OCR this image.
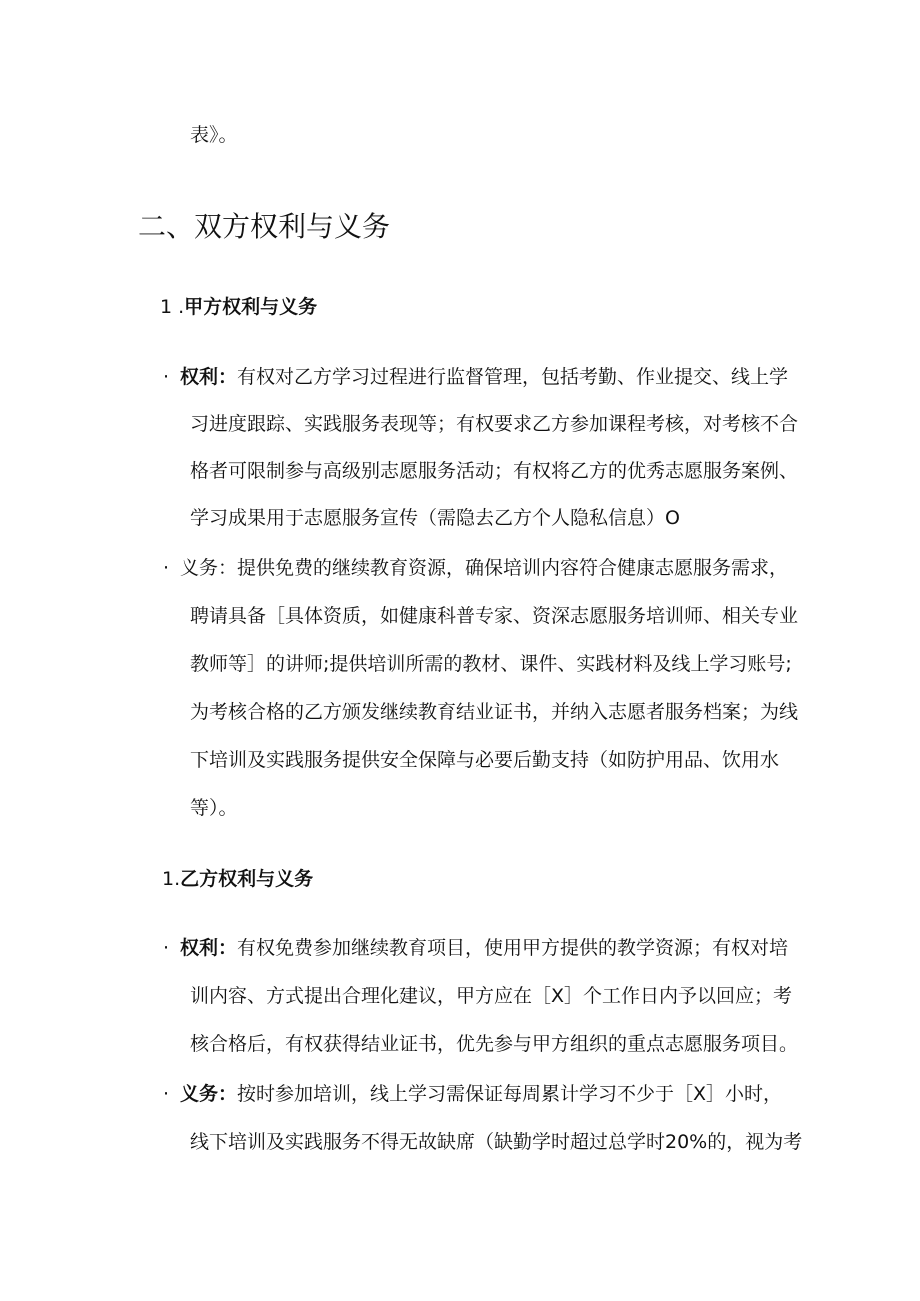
表》。
二、双方权利与义务
1 .甲方权利与义务
· 权利：有权对乙方学习过程进行监督管理，包括考勤、作业提交、线上学
习进度跟踪、实践服务表现等；有权要求乙方参加课程考核，对考核不合
格者可限制参与高级别志愿服务活动；有权将乙方的优秀志愿服务案例、
学习成果用于志愿服务宣传（需隐去乙方个人隐私信息）O
· 义务：提供免费的继续教育资源，确保培训内容符合健康志愿服务需求，
聘请具备［具体资质，如健康科普专家、资深志愿服务培训师、相关专业
教师等］的讲师;提供培训所需的教材、课件、实践材料及线上学习账号;
为考核合格的乙方颁发继续教育结业证书，并纳入志愿者服务档案；为线
下培训及实践服务提供安全保障与必要后勤支持（如防护用品、饮用水
等）。
1.乙方权利与义务
· 权利：有权免费参加继续教育项目，使用甲方提供的教学资源；有权对培
训内容、方式提出合理化建议，甲方应在［X］个工作日内予以回应；考
核合格后，有权获得结业证书，优先参与甲方组织的重点志愿服务项目。
· 义务：按时参加培训，线上学习需保证每周累计学习不少于［X］小时，
线下培训及实践服务不得无故缺席（缺勤学时超过总学时20%的，视为考
